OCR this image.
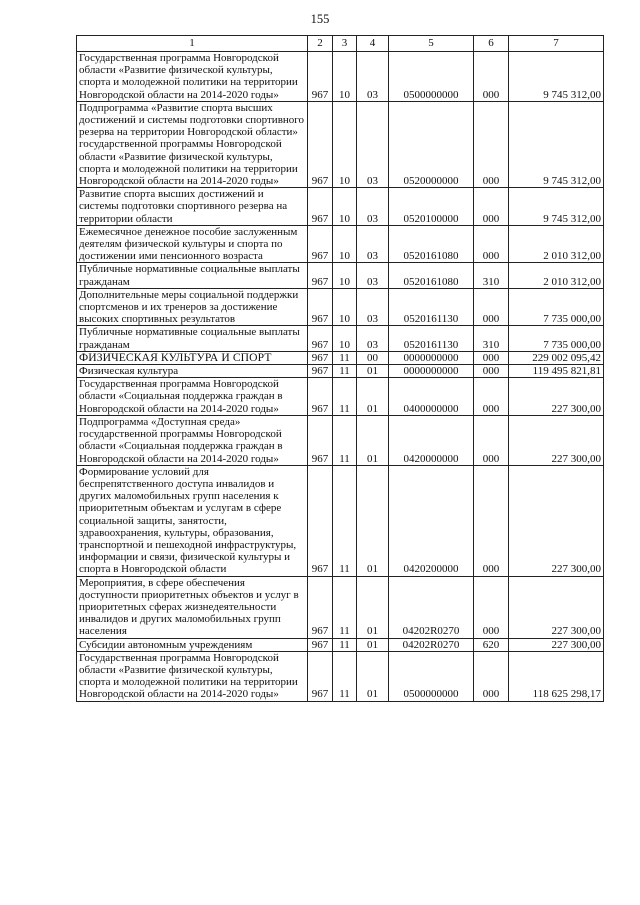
155
1	2	3	4	5	6	7
Государственная программа Новгородской области «Развитие физической культуры, спорта и молодежной политики на территории Новгородской области на 2014-2020 годы»	967	10	03	0500000000	000	9 745 312,00
Подпрограмма «Развитие спорта высших достижений и системы подготовки спортивного резерва на территории Новгородской области» государственной программы Новгородской области «Развитие физической культуры, спорта и молодежной политики на территории Новгородской области на 2014-2020 годы»	967	10	03	0520000000	000	9 745 312,00
Развитие спорта высших достижений и системы подготовки спортивного резерва на территории области	967	10	03	0520100000	000	9 745 312,00
Ежемесячное денежное пособие заслуженным деятелям физической культуры и спорта по достижении ими пенсионного возраста	967	10	03	0520161080	000	2 010 312,00
Публичные нормативные социальные выплаты гражданам	967	10	03	0520161080	310	2 010 312,00
Дополнительные меры социальной поддержки спортсменов и их тренеров за достижение высоких спортивных результатов	967	10	03	0520161130	000	7 735 000,00
Публичные нормативные социальные выплаты гражданам	967	10	03	0520161130	310	7 735 000,00
ФИЗИЧЕСКАЯ КУЛЬТУРА И СПОРТ	967	11	00	0000000000	000	229 002 095,42
Физическая культура	967	11	01	0000000000	000	119 495 821,81
Государственная программа Новгородской области «Социальная поддержка граждан в Новгородской области на 2014-2020 годы»	967	11	01	0400000000	000	227 300,00
Подпрограмма «Доступная среда» государственной программы Новгородской области «Социальная поддержка граждан в Новгородской области на 2014-2020 годы»	967	11	01	0420000000	000	227 300,00
Формирование условий для беспрепятственного доступа инвалидов и других маломобильных групп населения к приоритетным объектам и услугам в сфере социальной защиты, занятости, здравоохранения, культуры, образования, транспортной и пешеходной инфраструктуры, информации и связи, физической культуры и спорта в Новгородской области	967	11	01	0420200000	000	227 300,00
Мероприятия, в сфере обеспечения доступности приоритетных объектов и услуг в приоритетных сферах жизнедеятельности инвалидов и других маломобильных групп населения	967	11	01	04202R0270	000	227 300,00
Субсидии автономным учреждениям	967	11	01	04202R0270	620	227 300,00
Государственная программа Новгородской области «Развитие физической культуры, спорта и молодежной политики на территории Новгородской области на 2014-2020 годы»	967	11	01	0500000000	000	118 625 298,17
